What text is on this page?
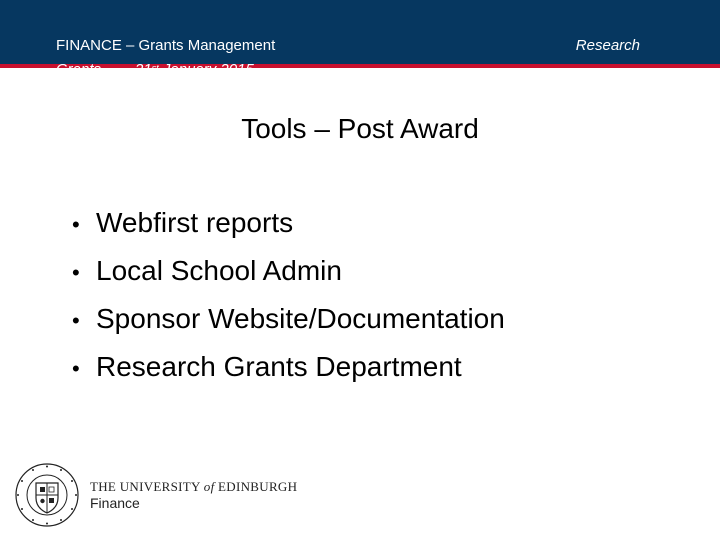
FINANCE – Grants Management
Grants 21st January 2015
Research
Tools – Post Award
• Webfirst reports
• Local School Admin
• Sponsor Website/Documentation
• Research Grants Department
THE UNIVERSITY of EDINBURGH
Finance
